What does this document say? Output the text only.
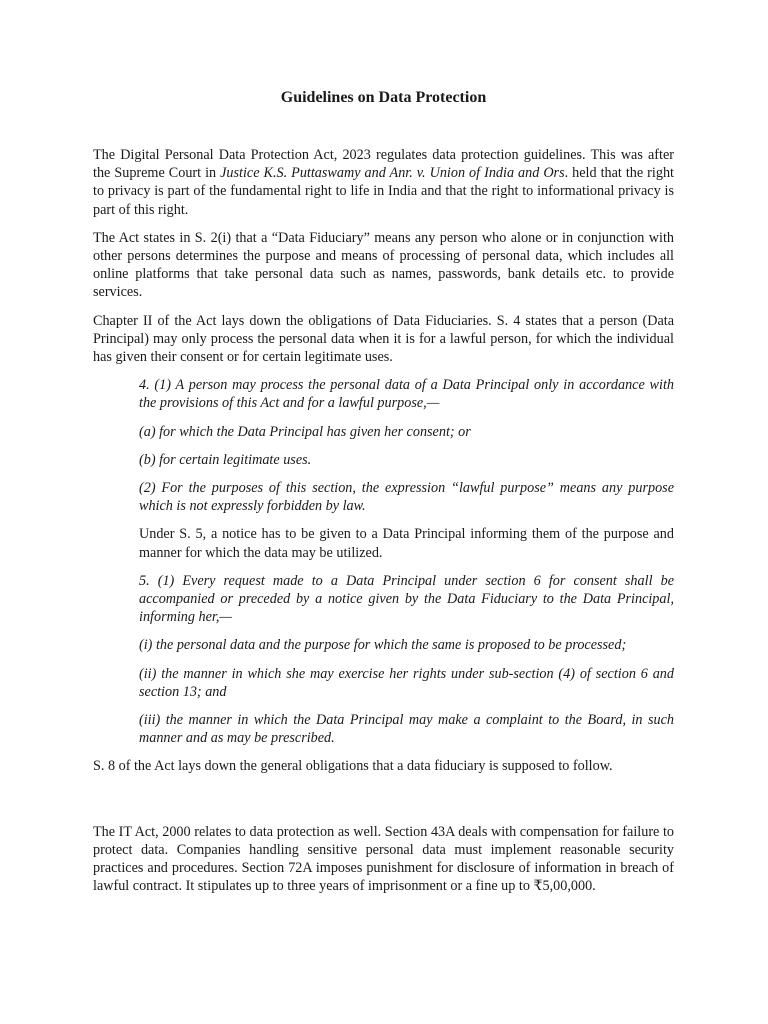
Guidelines on Data Protection

The Digital Personal Data Protection Act, 2023 regulates data protection guidelines. This was after the Supreme Court in Justice K.S. Puttaswamy and Anr. v. Union of India and Ors. held that the right to privacy is part of the fundamental right to life in India and that the right to informational privacy is part of this right.

The Act states in S. 2(i) that a “Data Fiduciary” means any person who alone or in conjunction with other persons determines the purpose and means of processing of personal data, which includes all online platforms that take personal data such as names, passwords, bank details etc. to provide services.

Chapter II of the Act lays down the obligations of Data Fiduciaries. S. 4 states that a person (Data Principal) may only process the personal data when it is for a lawful person, for which the individual has given their consent or for certain legitimate uses.

4. (1) A person may process the personal data of a Data Principal only in accordance with the provisions of this Act and for a lawful purpose,—

(a) for which the Data Principal has given her consent; or

(b) for certain legitimate uses.

(2) For the purposes of this section, the expression “lawful purpose” means any purpose which is not expressly forbidden by law.

Under S. 5, a notice has to be given to a Data Principal informing them of the purpose and manner for which the data may be utilized.

5. (1) Every request made to a Data Principal under section 6 for consent shall be accompanied or preceded by a notice given by the Data Fiduciary to the Data Principal, informing her,—

(i) the personal data and the purpose for which the same is proposed to be processed;

(ii) the manner in which she may exercise her rights under sub-section (4) of section 6 and section 13; and

(iii) the manner in which the Data Principal may make a complaint to the Board, in such manner and as may be prescribed.

S. 8 of the Act lays down the general obligations that a data fiduciary is supposed to follow.

The IT Act, 2000 relates to data protection as well. Section 43A deals with compensation for failure to protect data. Companies handling sensitive personal data must implement reasonable security practices and procedures. Section 72A imposes punishment for disclosure of information in breach of lawful contract. It stipulates up to three years of imprisonment or a fine up to ₹5,00,000.
